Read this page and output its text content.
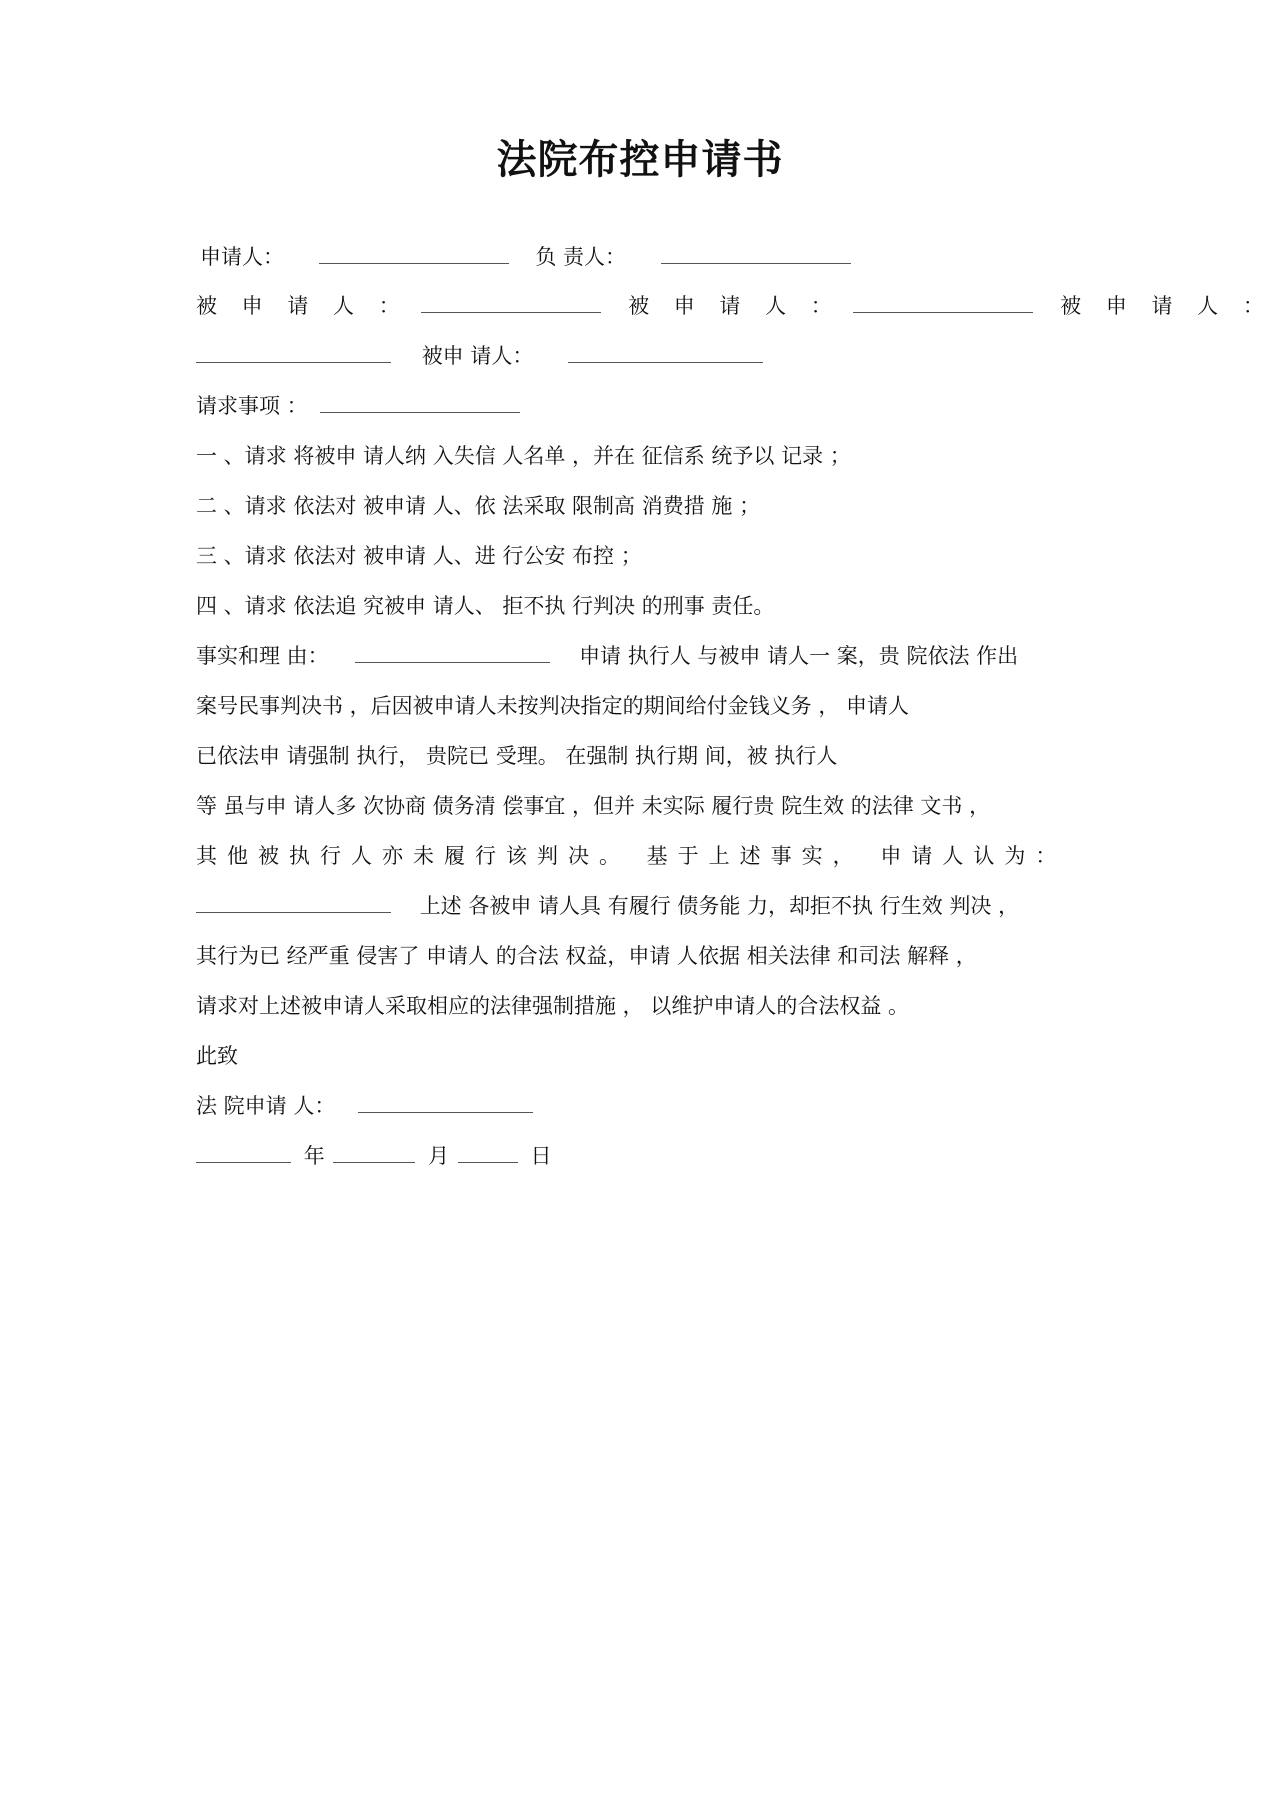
法院布控申请书
申请人：	负 责人：
被 申 请 人 ：	被 申 请 人 ：	被 申 请 人 ：
被申 请人：
请求事项 ：
一 、请求 将被申 请人纳 入失信 人名单 ，并在 征信系 统予以 记录 ；
二 、请求 依法对 被申请 人、依 法采取 限制高 消费措 施 ；
三 、请求 依法对 被申请 人、进 行公安 布控 ；
四 、请求 依法追 究被申 请人、 拒不执 行判决 的刑事 责任。
事实和理 由：	申请 执行人 与被申 请人一 案，贵 院依法 作出
案号民事判决书 ，后因被申请人未按判决指定的期间给付金钱义务 ， 申请人
已依法申 请强制 执行， 贵院已 受理。 在强制 执行期 间，被 执行人
等 虽与申 请人多 次协商 债务清 偿事宜 ，但并 未实际 履行贵 院生效 的法律 文书 ，
其他被执行人亦未履行该判决。 基于上述事实， 申请人认为：
上述 各被申 请人具 有履行 债务能 力，却拒不执 行生效 判决 ，
其行为已 经严重 侵害了 申请人 的合法 权益，申请 人依据 相关法律 和司法 解释 ，
请求对上述被申请人采取相应的法律强制措施 ， 以维护申请人的合法权益 。
此致
法 院申请 人：
年	月	日
